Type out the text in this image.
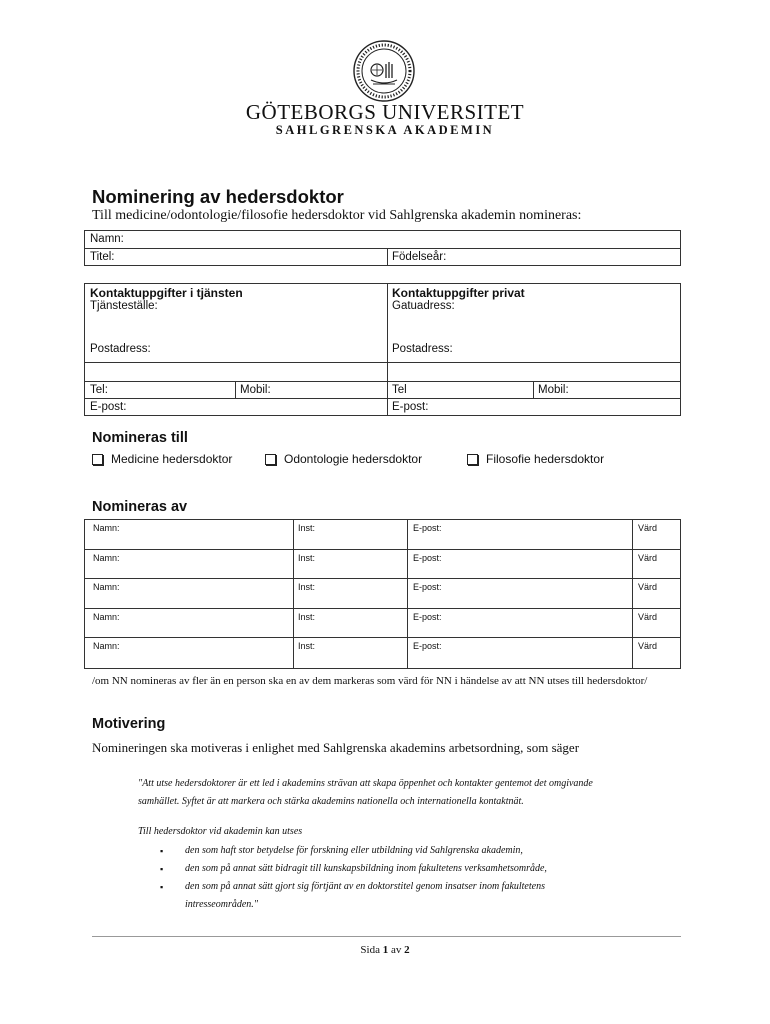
GÖTEBORGS UNIVERSITET
SAHLGRENSKA AKADEMIN
Nominering av hedersdoktor
Till medicine/odontologie/filosofie hedersdoktor vid Sahlgrenska akademin nomineras:
Namn:
Titel:	Födelseår:
Kontaktuppgifter i tjänsten
Tjänsteställe:
Kontaktuppgifter privat
Gatuadress:
Postadress:	Postadress:
Tel:	Mobil:	Tel	Mobil:
E-post:	E-post:
Nomineras till
Medicine hedersdoktor	Odontologie hedersdoktor	Filosofie hedersdoktor
Nomineras av
Namn:	Inst:	E-post:	Värd
Namn:	Inst:	E-post:	Värd
Namn:	Inst:	E-post:	Värd
Namn:	Inst:	E-post:	Värd
Namn:	Inst:	E-post:	Värd
/om NN nomineras av fler än en person ska en av dem markeras som värd för NN i händelse av att NN utses till hedersdoktor/
Motivering
Nomineringen ska motiveras i enlighet med Sahlgrenska akademins arbetsordning, som säger
"Att utse hedersdoktorer är ett led i akademins strävan att skapa öppenhet och kontakter gentemot det omgivande samhället. Syftet är att markera och stärka akademins nationella och internationella kontaktnät.
Till hedersdoktor vid akademin kan utses
▪ den som haft stor betydelse för forskning eller utbildning vid Sahlgrenska akademin,
▪ den som på annat sätt bidragit till kunskapsbildning inom fakultetens verksamhetsområde,
▪ den som på annat sätt gjort sig förtjänt av en doktorstitel genom insatser inom fakultetens intresseområden."
Sida 1 av 2
